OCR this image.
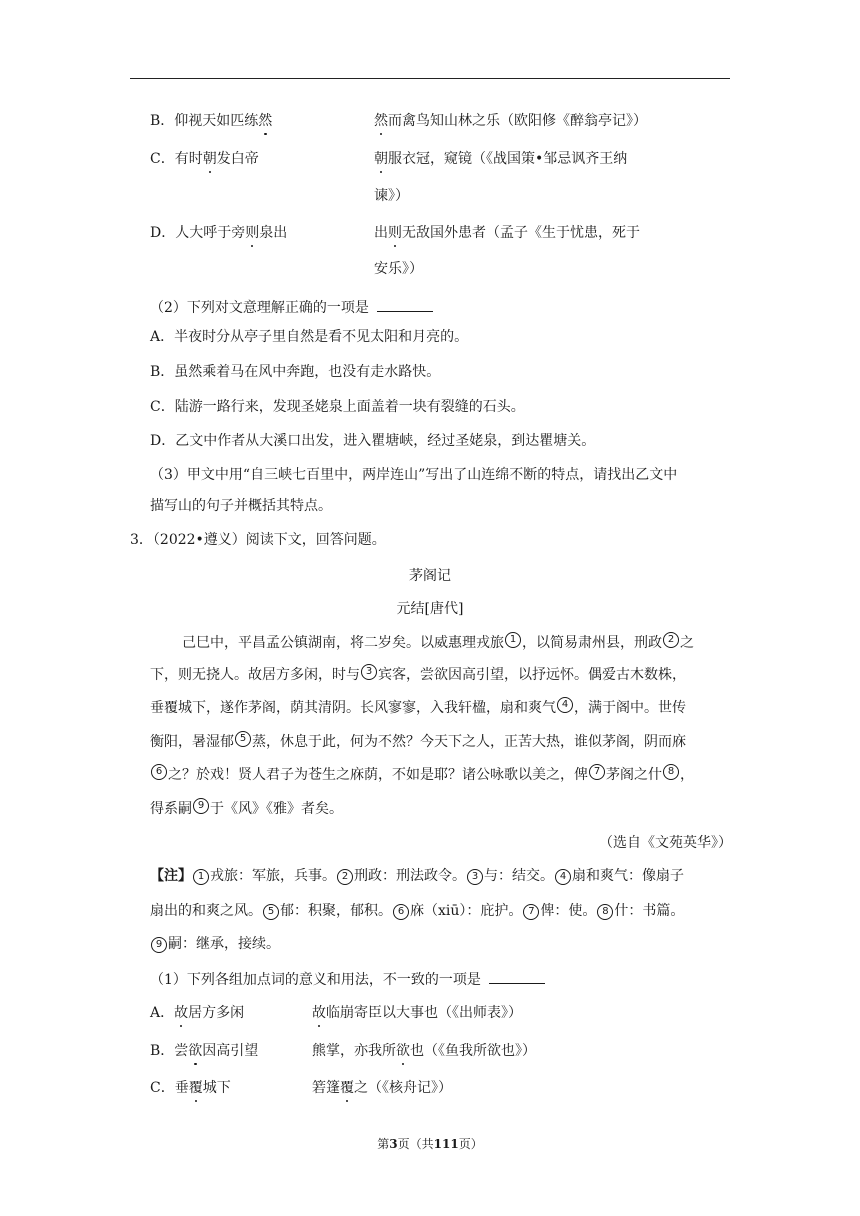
B．仰视天如匹练然	然而禽鸟知山林之乐（欧阳修《醉翁亭记》）
C．有时朝发白帝	朝服衣冠，窥镜（《战国策•邹忌讽齐王纳
谏》）
D．人大呼于旁则泉出	出则无敌国外患者（孟子《生于忧患，死于
安乐》）
（2）下列对文意理解正确的一项是
A．半夜时分从亭子里自然是看不见太阳和月亮的。
B．虽然乘着马在风中奔跑，也没有走水路快。
C．陆游一路行来，发现圣姥泉上面盖着一块有裂缝的石头。
D．乙文中作者从大溪口出发，进入瞿塘峡，经过圣姥泉，到达瞿塘关。
（3）甲文中用“自三峡七百里中，两岸连山”写出了山连绵不断的特点，请找出乙文中
描写山的句子并概括其特点。
3．（2022•遵义）阅读下文，回答问题。
茅阁记
元结[唐代]
己巳中，平昌孟公镇湖南，将二岁矣。以威惠理戎旅 1 ，以简易肃州县，刑政 2 之
下，则无挠人。故居方多闲，时与 3 宾客，尝欲因高引望，以抒远怀。偶爱古木数株，
垂覆城下，遂作茅阁，荫其清阴。长风寥寥，入我轩楹，扇和爽气 4 ，满于阁中。世传
衡阳，暑湿郁 5 蒸，休息于此，何为不然？今天下之人，正苦大热，谁似茅阁，阴而庥
6 之？於戏！贤人君子为苍生之庥荫，不如是耶？诸公咏歌以美之，俾 7 茅阁之什 8 ，
得系嗣 9 于《风》《雅》者矣。
（选自《文苑英华》）
【注】 1 戎旅：军旅，兵事。 2 刑政：刑法政令。 3 与：结交。 4 扇和爽气：像扇子
扇出的和爽之风。 5 郁：积聚，郁积。 6 庥（xiū）：庇护。 7 俾：使。 8 什：书篇。
9 嗣：继承，接续。
（1）下列各组加点词的意义和用法，不一致的一项是
A．故居方多闲	故临崩寄臣以大事也（《出师表》）
B．尝欲因高引望	熊掌，亦我所欲也（《鱼我所欲也》）
C．垂覆城下	箬篷覆之（《核舟记》）
第3页（共111页）
